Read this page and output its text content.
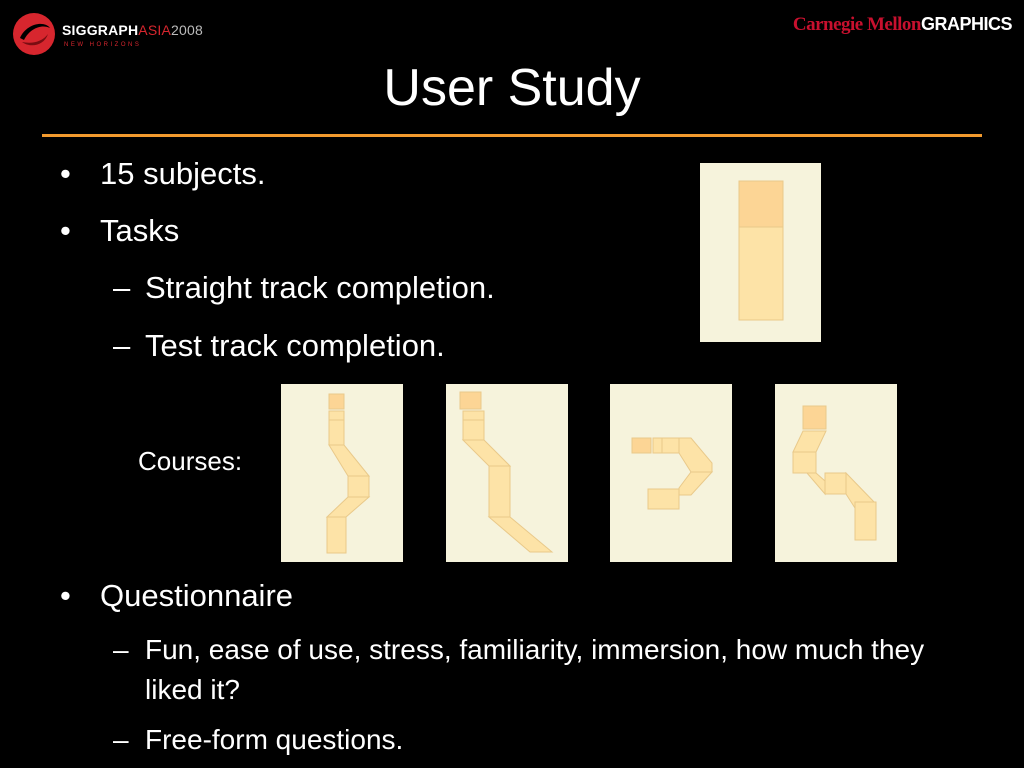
SIGGRAPHASIA2008
NEW HORIZONS
Carnegie MellonGRAPHICS
User Study
• 15 subjects.
• Tasks
– Straight track completion.
– Test track completion.
Courses:
• Questionnaire
– Fun, ease of use, stress, familiarity, immersion, how much they liked it?
– Free-form questions.
